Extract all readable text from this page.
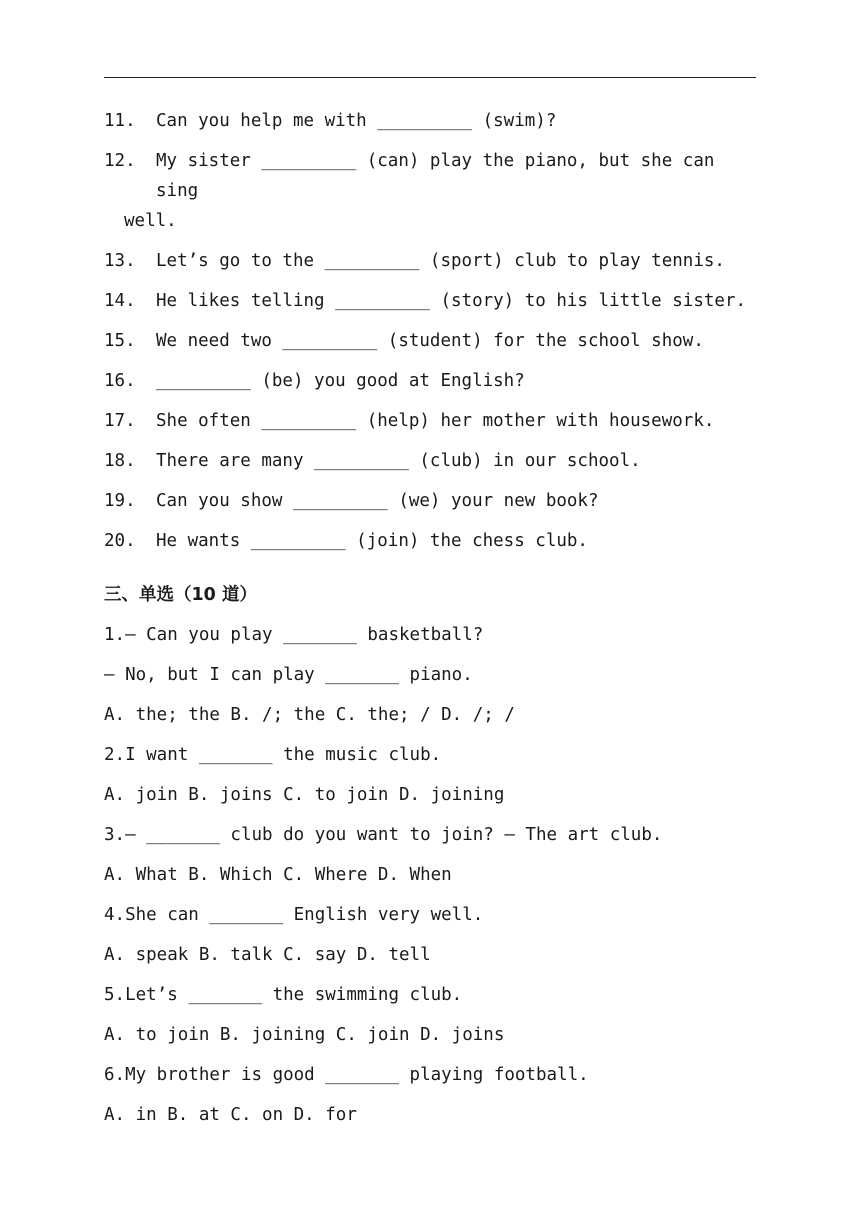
11.	Can you help me with _________ (swim)?
12.	My sister _________ (can) play the piano, but she can sing
well.
13.	Let’s go to the _________ (sport) club to play tennis.
14.	He likes telling _________ (story) to his little sister.
15.	We need two _________ (student) for the school show.
16.	_________ (be) you good at English?
17.	She often _________ (help) her mother with housework.
18.	There are many _________ (club) in our school.
19.	Can you show _________ (we) your new book?
20.	He wants _________ (join) the chess club.
三、单选（10 道）
1.— Can you play _______ basketball?
— No, but I can play _______ piano.
A. the; the B. /; the C. the; / D. /; /
2.I want _______ the music club.
A. join B. joins C. to join D. joining
3.— _______ club do you want to join? — The art club.
A. What B. Which C. Where D. When
4.She can _______ English very well.
A. speak B. talk C. say D. tell
5.Let’s _______ the swimming club.
A. to join B. joining C. join D. joins
6.My brother is good _______ playing football.
A. in B. at C. on D. for
